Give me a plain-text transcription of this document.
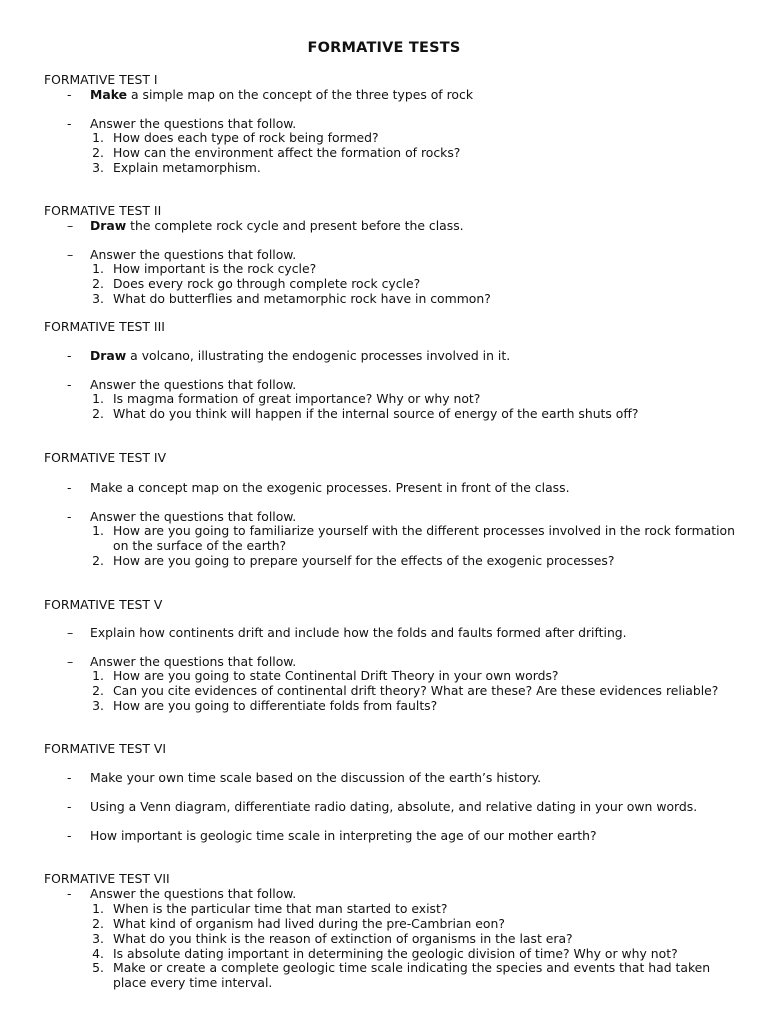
FORMATIVE TESTS
FORMATIVE TEST I
- Make a simple map on the concept of the three types of rock
- Answer the questions that follow.
1. How does each type of rock being formed?
2. How can the environment affect the formation of rocks?
3. Explain metamorphism.
FORMATIVE TEST II
– Draw the complete rock cycle and present before the class.
– Answer the questions that follow.
1. How important is the rock cycle?
2. Does every rock go through complete rock cycle?
3. What do butterflies and metamorphic rock have in common?
FORMATIVE TEST III
- Draw a volcano, illustrating the endogenic processes involved in it.
- Answer the questions that follow.
1. Is magma formation of great importance? Why or why not?
2. What do you think will happen if the internal source of energy of the earth shuts off?
FORMATIVE TEST IV
- Make a concept map on the exogenic processes. Present in front of the class.
- Answer the questions that follow.
1. How are you going to familiarize yourself with the different processes involved in the rock formation
on the surface of the earth?
2. How are you going to prepare yourself for the effects of the exogenic processes?
FORMATIVE TEST V
– Explain how continents drift and include how the folds and faults formed after drifting.
– Answer the questions that follow.
1. How are you going to state Continental Drift Theory in your own words?
2. Can you cite evidences of continental drift theory? What are these? Are these evidences reliable?
3. How are you going to differentiate folds from faults?
FORMATIVE TEST VI
- Make your own time scale based on the discussion of the earth’s history.
- Using a Venn diagram, differentiate radio dating, absolute, and relative dating in your own words.
- How important is geologic time scale in interpreting the age of our mother earth?
FORMATIVE TEST VII
- Answer the questions that follow.
1. When is the particular time that man started to exist?
2. What kind of organism had lived during the pre-Cambrian eon?
3. What do you think is the reason of extinction of organisms in the last era?
4. Is absolute dating important in determining the geologic division of time? Why or why not?
5. Make or create a complete geologic time scale indicating the species and events that had taken
place every time interval.
